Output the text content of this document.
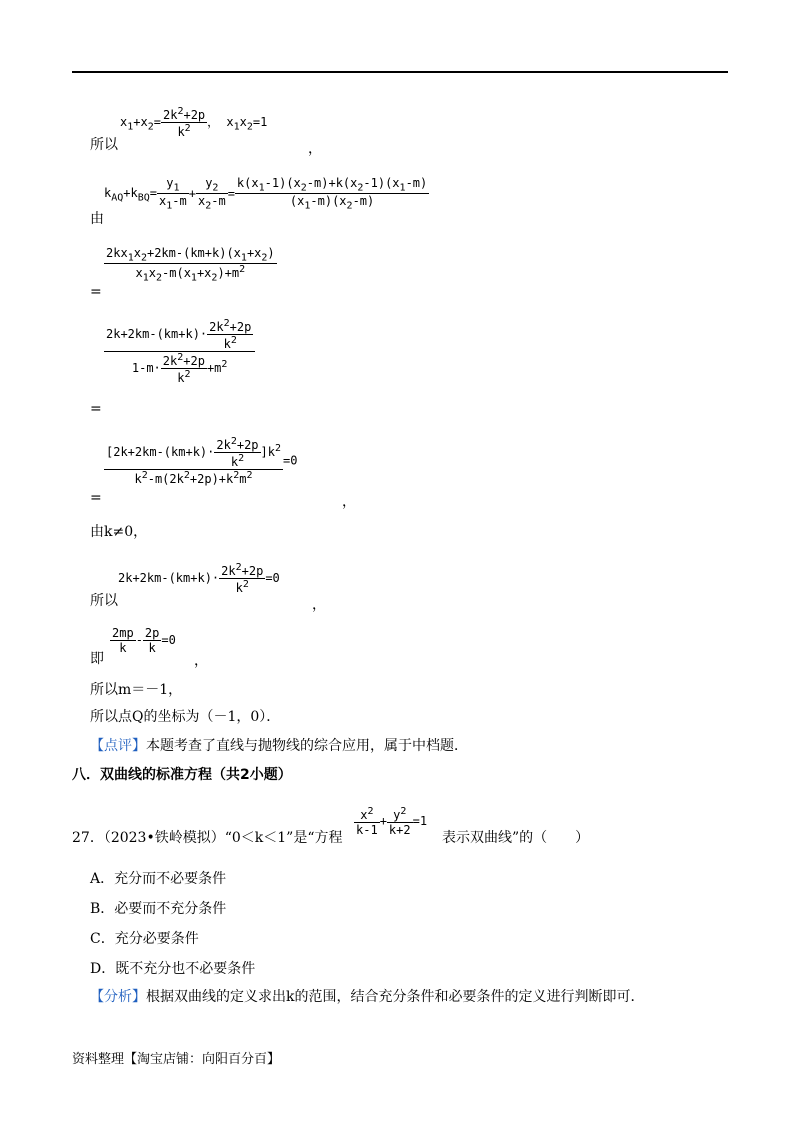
所以
$x_1+x_2= \frac{2k^2+2p}{k^2}$ ， $x_1x_2=1$
，
由
$k_{AQ}+k_{BQ}= \frac{y_1}{x_1-m} + \frac{y_2}{x_2-m} = \frac{k(x_1-1)(x_2-m)+k(x_2-1)(x_1-m)}{(x_1-m)(x_2-m)}$
=
$\frac{2kx_1x_2+2km-(km+k)(x_1+x_2)}{x_1x_2-m(x_1+x_2)+m^2}$
=
$\frac{2k+2km-(km+k)\cdot \frac{2k^2+2p}{k^2}}{1-m\cdot \frac{2k^2+2p}{k^2} +m^2}$
=
$\frac{[2k+2km-(km+k)\cdot \frac{2k^2+2p}{k^2} ]k^2}{k^2-m(2k^2+2p)+k^2m^2} =0$
，
由k≠0，
所以
$2k+2km-(km+k)\cdot \frac{2k^2+2p}{k^2} =0$
，
即
$\frac{2mp}{k} - \frac{2p}{k} =0$
，
所以m＝－1，
所以点Q的坐标为（－1，0）．
【点评】本题考查了直线与抛物线的综合应用，属于中档题．
八．双曲线的标准方程（共2小题）
27．（2023•铁岭模拟）“0＜k＜1”是“方程
$\frac{x^2}{k-1} + \frac{y^2}{k+2} =1$
表示双曲线”的（　　）
A．充分而不必要条件
B．必要而不充分条件
C．充分必要条件
D．既不充分也不必要条件
【分析】根据双曲线的定义求出k的范围，结合充分条件和必要条件的定义进行判断即可．
资料整理【淘宝店铺：向阳百分百】
